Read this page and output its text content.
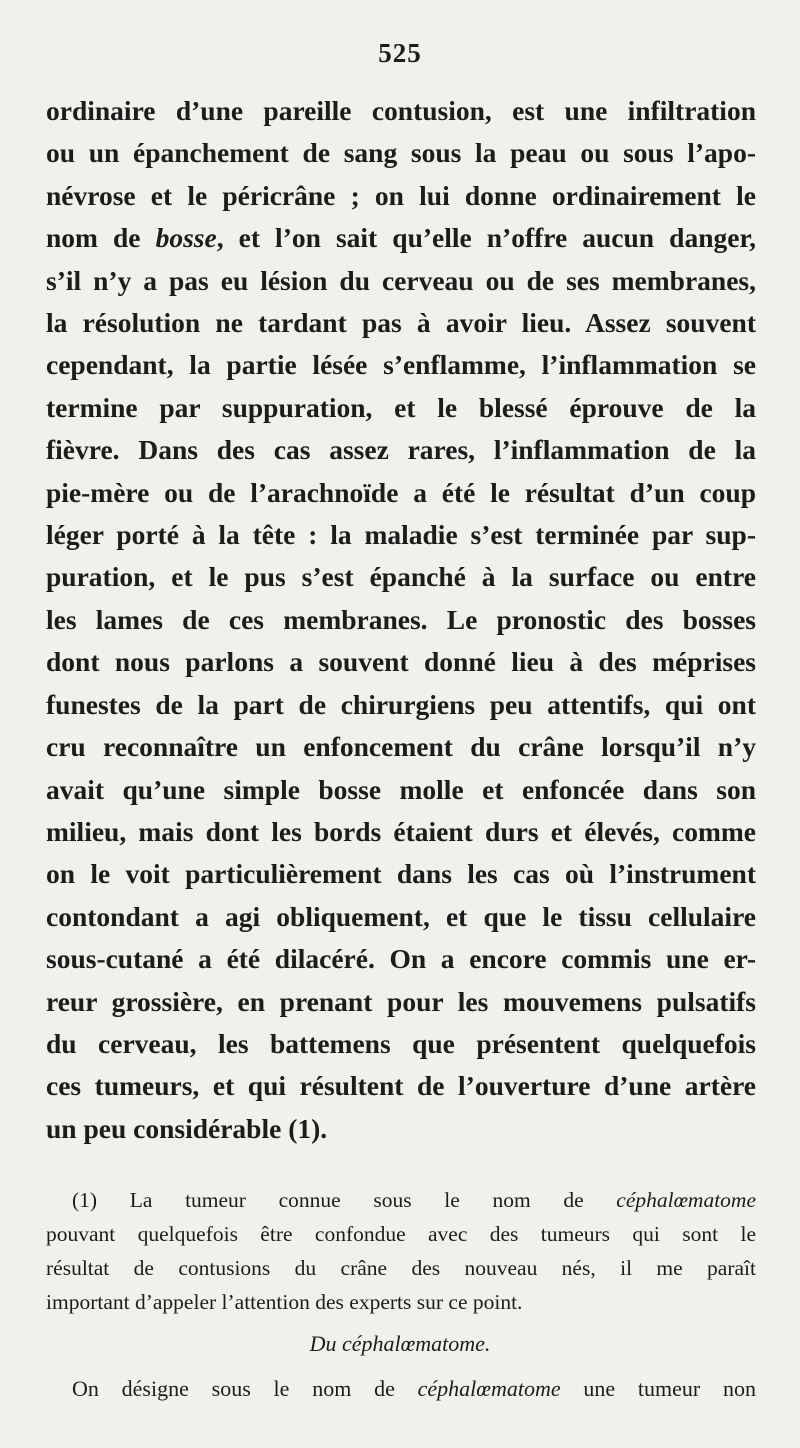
525
ordinaire d’une pareille contusion, est une infiltration
ou un épanchement de sang sous la peau ou sous l’apo-
névrose et le péricrâne ; on lui donne ordinairement le
nom de bosse, et l’on sait qu’elle n’offre aucun danger,
s’il n’y a pas eu lésion du cerveau ou de ses membranes,
la résolution ne tardant pas à avoir lieu. Assez souvent
cependant, la partie lésée s’enflamme, l’inflammation se
termine par suppuration, et le blessé éprouve de la
fièvre. Dans des cas assez rares, l’inflammation de la
pie-mère ou de l’arachnoïde a été le résultat d’un coup
léger porté à la tête : la maladie s’est terminée par sup-
puration, et le pus s’est épanché à la surface ou entre
les lames de ces membranes. Le pronostic des bosses
dont nous parlons a souvent donné lieu à des méprises
funestes de la part de chirurgiens peu attentifs, qui ont
cru reconnaître un enfoncement du crâne lorsqu’il n’y
avait qu’une simple bosse molle et enfoncée dans son
milieu, mais dont les bords étaient durs et élevés, comme
on le voit particulièrement dans les cas où l’instrument
contondant a agi obliquement, et que le tissu cellulaire
sous-cutané a été dilacéré. On a encore commis une er-
reur grossière, en prenant pour les mouvemens pulsatifs
du cerveau, les battemens que présentent quelquefois
ces tumeurs, et qui résultent de l’ouverture d’une artère
un peu considérable (1).
(1) La tumeur connue sous le nom de céphalœmatome
pouvant quelquefois être confondue avec des tumeurs qui sont le
résultat de contusions du crâne des nouveau nés, il me paraît
important d’appeler l’attention des experts sur ce point.
Du céphalœmatome.
On désigne sous le nom de céphalœmatome une tumeur non
